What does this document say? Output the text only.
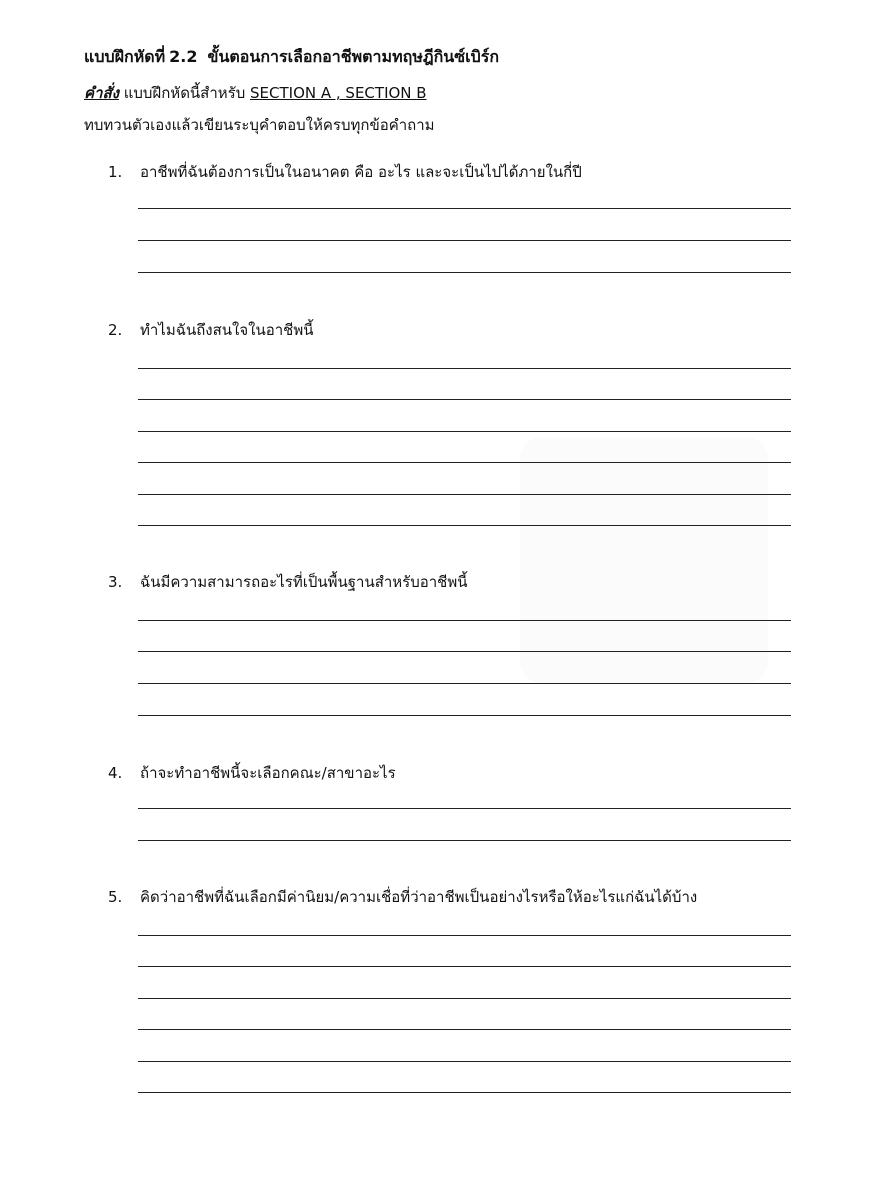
แบบฝึกหัดที่ 2.2 ขั้นตอนการเลือกอาชีพตามทฤษฎีกินซ์เบิร์ก
คำสั่ง แบบฝึกหัดนี้สำหรับ SECTION A , SECTION B
ทบทวนตัวเองแล้วเขียนระบุคำตอบให้ครบทุกข้อคำถาม
1. อาชีพที่ฉันต้องการเป็นในอนาคต คือ อะไร และจะเป็นไปได้ภายในกี่ปี
2. ทำไมฉันถึงสนใจในอาชีพนี้
3. ฉันมีความสามารถอะไรที่เป็นพื้นฐานสำหรับอาชีพนี้
4. ถ้าจะทำอาชีพนี้จะเลือกคณะ/สาขาอะไร
5. คิดว่าอาชีพที่ฉันเลือกมีค่านิยม/ความเชื่อที่ว่าอาชีพเป็นอย่างไรหรือให้อะไรแก่ฉันได้บ้าง
